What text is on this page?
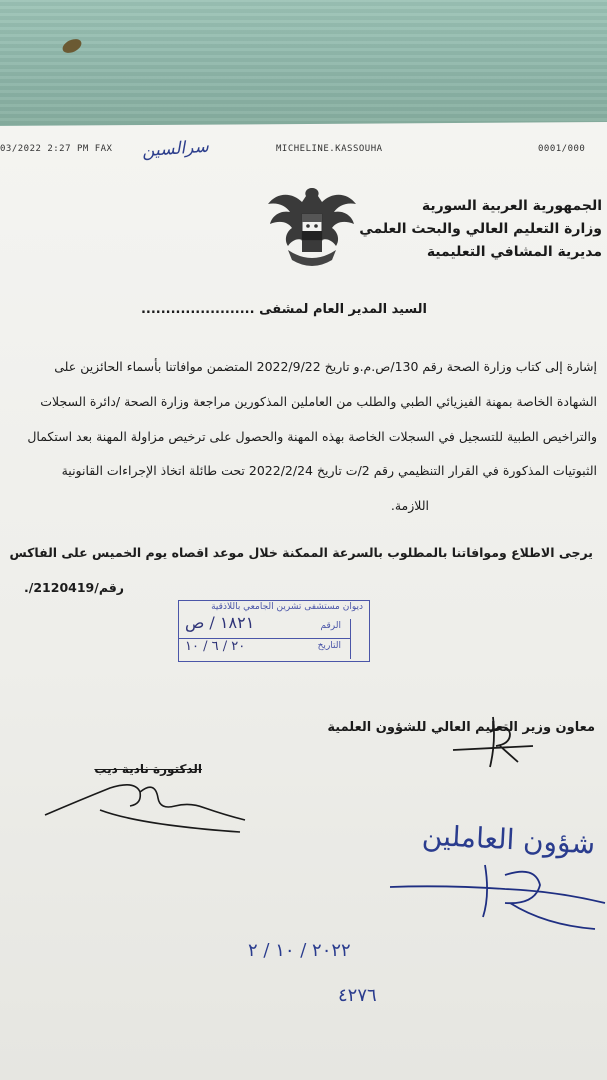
03/2022 2:27 PM FAX سرالسين	MICHELINE.KASSOUHA	0001/000
الجمهورية العربية السورية
وزارة التعليم العالي والبحث العلمي
مديرية المشافي التعليمية
السيد المدير العام لمشفى .......................
إشارة إلى كتاب وزارة الصحة رقم 130/ص.م.و تاريخ 2022/9/22 المتضمن موافاتنا بأسماء الحائزين على
الشهادة الخاصة بمهنة الفيزيائي الطبي والطلب من العاملين المذكورين مراجعة وزارة الصحة /دائرة السجلات
والتراخيص الطبية للتسجيل في السجلات الخاصة بهذه المهنة والحصول على ترخيص مزاولة المهنة بعد استكمال
الثبوتيات المذكورة في القرار التنظيمي رقم 2/ت تاريخ 2022/2/24 تحت طائلة اتخاذ الإجراءات القانونية
اللازمة.
يرجى الاطلاع وموافاتنا بالمطلوب بالسرعة الممكنة خلال موعد اقصاه يوم الخميس على الفاكس
رقم/2120419/.
ديوان مستشفى تشرين الجامعي باللاذقية
الرقم
التاريخ
١٨٢١ / ص
٢٠ / ٦ / ١٠
معاون وزير التعليم العالي للشؤون العلمية
الدكتورة نادية ديب
شؤون العاملين
٢٠٢٢ / ١٠ / ٢
٤٢٧٦
